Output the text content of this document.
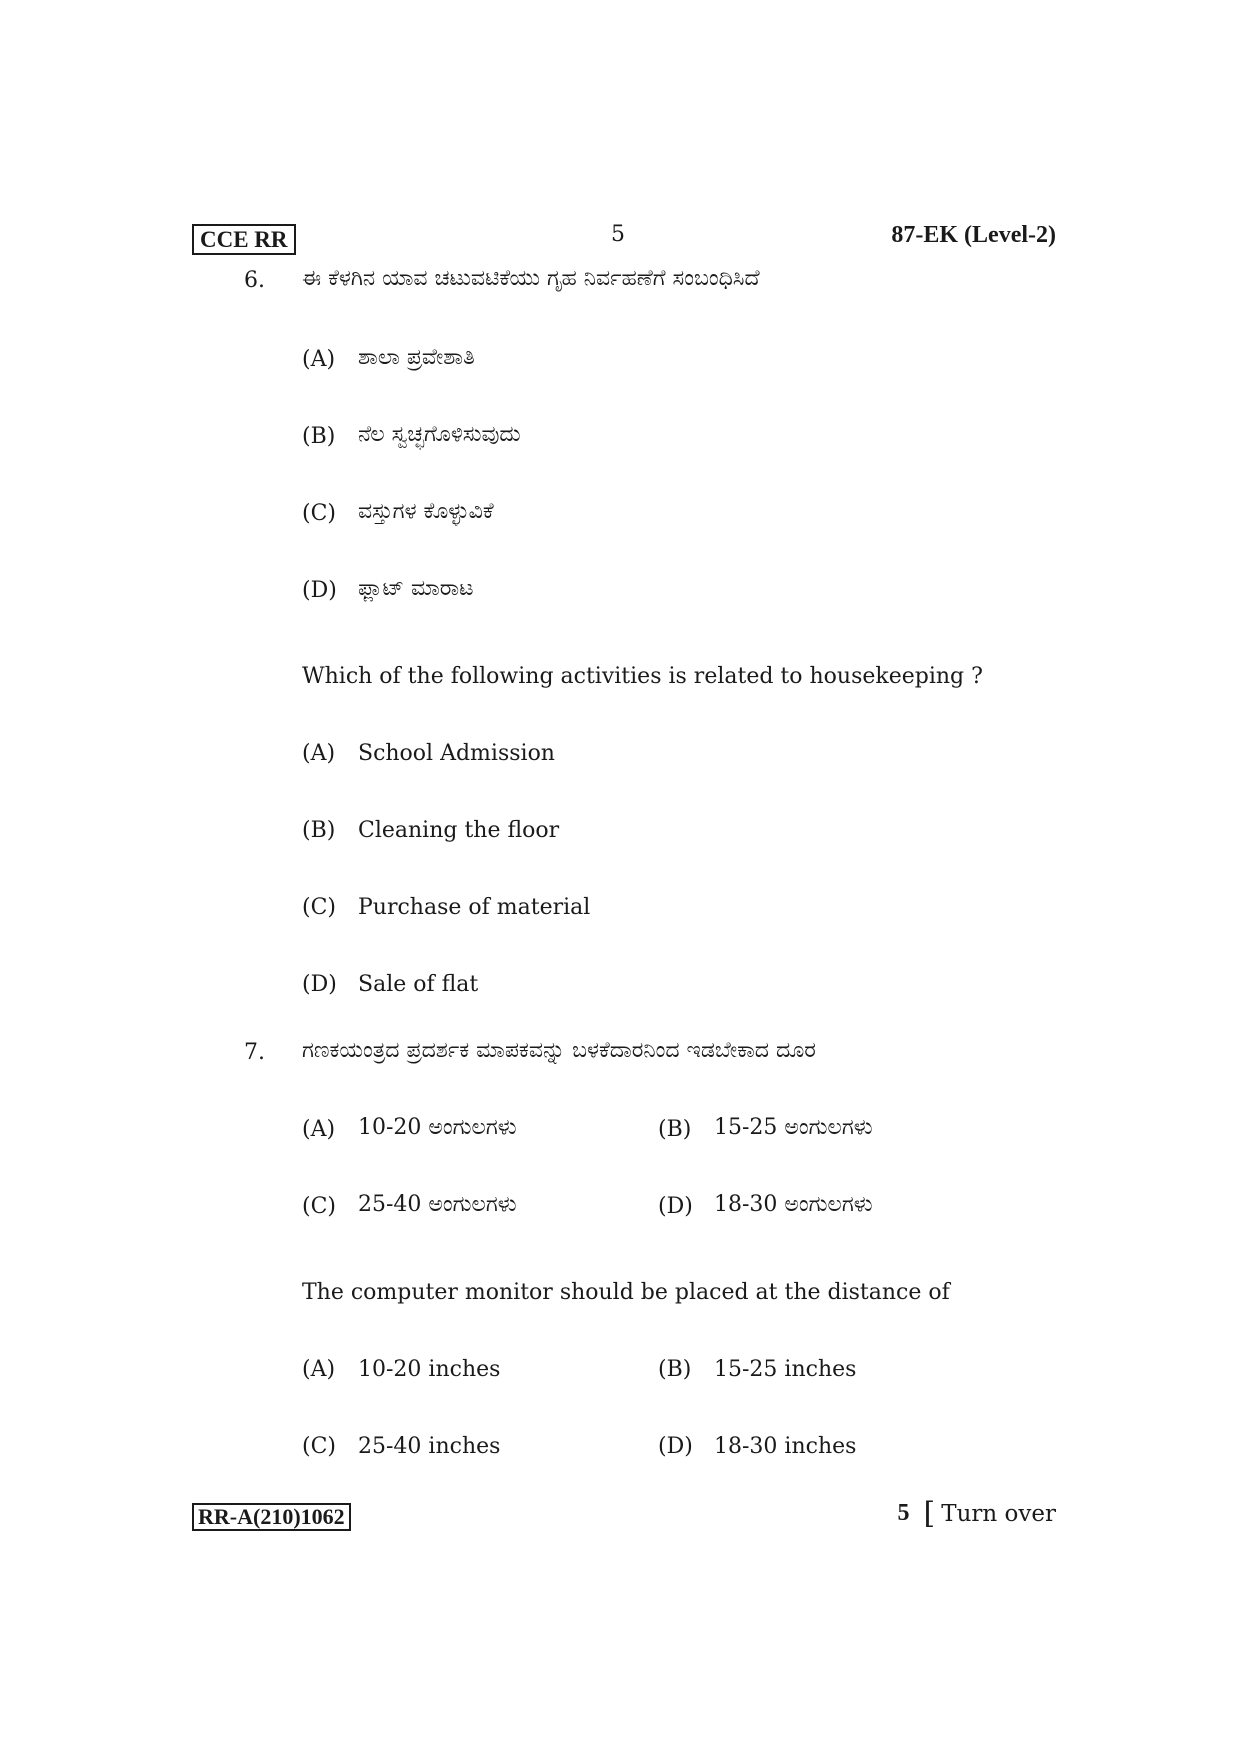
CCE RR	5	87-EK (Level-2)
6. ಈ ಕೆಳಗಿನ ಯಾವ ಚಟುವಟಿಕೆಯು ಗೃಹ ನಿರ್ವಹಣೆಗೆ ಸಂಬಂಧಿಸಿದೆ
(A) ಶಾಲಾ ಪ್ರವೇಶಾತಿ
(B) ನೆಲ ಸ್ವಚ್ಛಗೊಳಿಸುವುದು
(C) ವಸ್ತುಗಳ ಕೊಳ್ಳುವಿಕೆ
(D) ಫ್ಲಾಟ್ ಮಾರಾಟ
Which of the following activities is related to housekeeping ?
(A) School Admission
(B) Cleaning the floor
(C) Purchase of material
(D) Sale of flat
7. ಗಣಕಯಂತ್ರದ ಪ್ರದರ್ಶಕ ಮಾಪಕವನ್ನು ಬಳಕೆದಾರನಿಂದ ಇಡಬೇಕಾದ ದೂರ
(A) 10-20 ಅಂಗುಲಗಳು	(B) 15-25 ಅಂಗುಲಗಳು
(C) 25-40 ಅಂಗುಲಗಳು	(D) 18-30 ಅಂಗುಲಗಳು
The computer monitor should be placed at the distance of
(A) 10-20 inches	(B) 15-25 inches
(C) 25-40 inches	(D) 18-30 inches
RR-A(210)1062	5 [ Turn over
